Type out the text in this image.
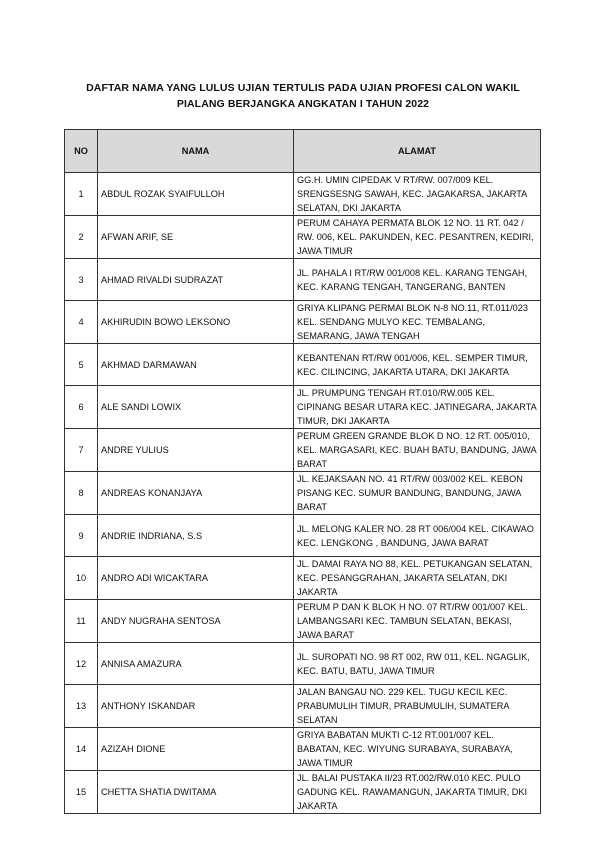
DAFTAR NAMA YANG LULUS UJIAN TERTULIS PADA UJIAN PROFESI CALON WAKIL
PIALANG BERJANGKA ANGKATAN I TAHUN 2022
NO	NAMA	ALAMAT
1	ABDUL ROZAK SYAIFULLOH	GG.H. UMIN CIPEDAK V RT/RW. 007/009 KEL. SRENGSESNG SAWAH, KEC. JAGAKARSA, JAKARTA SELATAN, DKI JAKARTA
2	AFWAN ARIF, SE	PERUM CAHAYA PERMATA BLOK 12 NO. 11 RT. 042 / RW. 006, KEL. PAKUNDEN, KEC. PESANTREN, KEDIRI, JAWA TIMUR
3	AHMAD RIVALDI SUDRAZAT	JL. PAHALA I RT/RW 001/008 KEL. KARANG TENGAH, KEC. KARANG TENGAH, TANGERANG, BANTEN
4	AKHIRUDIN BOWO LEKSONO	GRIYA KLIPANG PERMAI BLOK N-8 NO.11, RT.011/023 KEL. SENDANG MULYO KEC. TEMBALANG, SEMARANG, JAWA TENGAH
5	AKHMAD DARMAWAN	KEBANTENAN RT/RW 001/006, KEL. SEMPER TIMUR, KEC. CILINCING, JAKARTA UTARA, DKI JAKARTA
6	ALE SANDI LOWIX	JL. PRUMPUNG TENGAH RT.010/RW.005 KEL. CIPINANG BESAR UTARA KEC. JATINEGARA, JAKARTA TIMUR, DKI JAKARTA
7	ANDRE YULIUS	PERUM GREEN GRANDE BLOK D NO. 12 RT. 005/010, KEL. MARGASARI, KEC. BUAH BATU, BANDUNG, JAWA BARAT
8	ANDREAS KONANJAYA	JL. KEJAKSAAN NO. 41 RT/RW 003/002 KEL. KEBON PISANG KEC. SUMUR BANDUNG, BANDUNG, JAWA BARAT
9	ANDRIE INDRIANA, S.S	JL. MELONG KALER NO. 28 RT 006/004 KEL. CIKAWAO KEC. LENGKONG , BANDUNG, JAWA BARAT
10	ANDRO ADI WICAKTARA	JL. DAMAI RAYA NO 88, KEL. PETUKANGAN SELATAN, KEC. PESANGGRAHAN, JAKARTA SELATAN, DKI JAKARTA
11	ANDY NUGRAHA SENTOSA	PERUM P DAN K BLOK H NO. 07 RT/RW 001/007 KEL. LAMBANGSARI KEC. TAMBUN SELATAN, BEKASI, JAWA BARAT
12	ANNISA AMAZURA	JL. SUROPATI NO. 98 RT 002, RW 011, KEL. NGAGLIK, KEC. BATU, BATU, JAWA TIMUR
13	ANTHONY ISKANDAR	JALAN BANGAU NO. 229 KEL. TUGU KECIL KEC. PRABUMULIH TIMUR, PRABUMULIH, SUMATERA SELATAN
14	AZIZAH DIONE	GRIYA BABATAN MUKTI C-12 RT.001/007 KEL. BABATAN, KEC. WIYUNG SURABAYA, SURABAYA, JAWA TIMUR
15	CHETTA SHATIA DWITAMA	JL. BALAI PUSTAKA II/23 RT.002/RW.010 KEC. PULO GADUNG KEL. RAWAMANGUN, JAKARTA TIMUR, DKI JAKARTA
